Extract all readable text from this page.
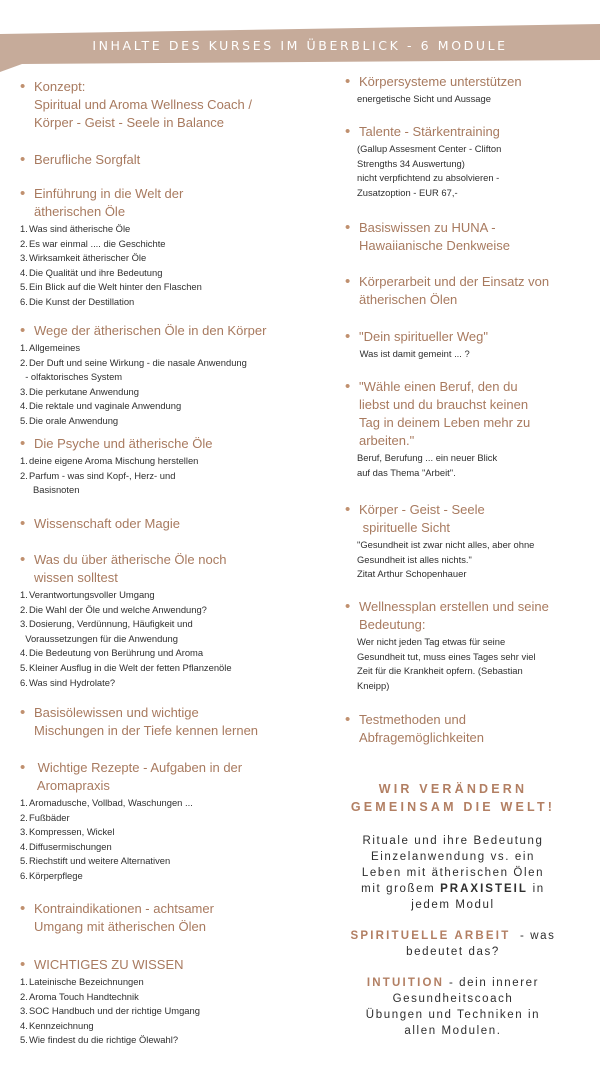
INHALTE DES KURSES IM ÜBERBLICK - 6 MODULE
• Konzept:
Spiritual und Aroma Wellness Coach /
Körper - Geist - Seele in Balance
• Berufliche Sorgfalt
• Einführung in die Welt der
ätherischen Öle
1.Was sind ätherische Öle
2.Es war einmal .... die Geschichte
3.Wirksamkeit ätherischer Öle
4.Die Qualität und ihre Bedeutung
5.Ein Blick auf die Welt hinter den Flaschen
6.Die Kunst der Destillation
• Wege der ätherischen Öle in den Körper
1.Allgemeines
2.Der Duft und seine Wirkung - die nasale Anwendung
- olfaktorisches System
3.Die perkutane Anwendung
4.Die rektale und vaginale Anwendung
5.Die orale Anwendung
• Die Psyche und ätherische Öle
1.deine eigene Aroma Mischung herstellen
2.Parfum - was sind Kopf-, Herz- und
Basisnoten
• Wissenschaft oder Magie
• Was du über ätherische Öle noch
wissen solltest
1.Verantwortungsvoller Umgang
2.Die Wahl der Öle und welche Anwendung?
3.Dosierung, Verdünnung, Häufigkeit und
Voraussetzungen für die Anwendung
4.Die Bedeutung von Berührung und Aroma
5.Kleiner Ausflug in die Welt der fetten Pflanzenöle
6.Was sind Hydrolate?
• Basisölewissen und wichtige
Mischungen in der Tiefe kennen lernen
• Wichtige Rezepte - Aufgaben in der
Aromapraxis
1.Aromadusche, Vollbad, Waschungen ...
2.Fußbäder
3.Kompressen, Wickel
4.Diffusermischungen
5.Riechstift und weitere Alternativen
6.Körperpflege
• Kontraindikationen - achtsamer
Umgang mit ätherischen Ölen
• WICHTIGES ZU WISSEN
1.Lateinische Bezeichnungen
2.Aroma Touch Handtechnik
3.SOC Handbuch und der richtige Umgang
4.Kennzeichnung
5.Wie findest du die richtige Ölewahl?
• Körpersysteme unterstützen
energetische Sicht und Aussage
• Talente - Stärkentraining
(Gallup Assesment Center - Clifton
Strengths 34 Auswertung)
nicht verpfichtend zu absolvieren -
Zusatzoption - EUR 67,-
• Basiswissen zu HUNA -
Hawaiianische Denkweise
• Körperarbeit und der Einsatz von
ätherischen Ölen
• "Dein spiritueller Weg"
Was ist damit gemeint ... ?
• "Wähle einen Beruf, den du
liebst und du brauchst keinen
Tag in deinem Leben mehr zu
arbeiten."
Beruf, Berufung ... ein neuer Blick
auf das Thema "Arbeit".
• Körper - Geist - Seele
spirituelle Sicht
"Gesundheit ist zwar nicht alles, aber ohne
Gesundheit ist alles nichts."
Zitat Arthur Schopenhauer
• Wellnessplan erstellen und seine
Bedeutung:
Wer nicht jeden Tag etwas für seine
Gesundheit tut, muss eines Tages sehr viel
Zeit für die Krankheit opfern. (Sebastian
Kneipp)
• Testmethoden und
Abfragemöglichkeiten
WIR VERÄNDERN
GEMEINSAM DIE WELT!
Rituale und ihre Bedeutung
Einzelanwendung vs. ein
Leben mit ätherischen Ölen
mit großem PRAXISTEIL in
jedem Modul
SPIRITUELLE ARBEIT  - was
bedeutet das?
INTUITION - dein innerer
Gesundheitscoach
Übungen und Techniken in
allen Modulen.
